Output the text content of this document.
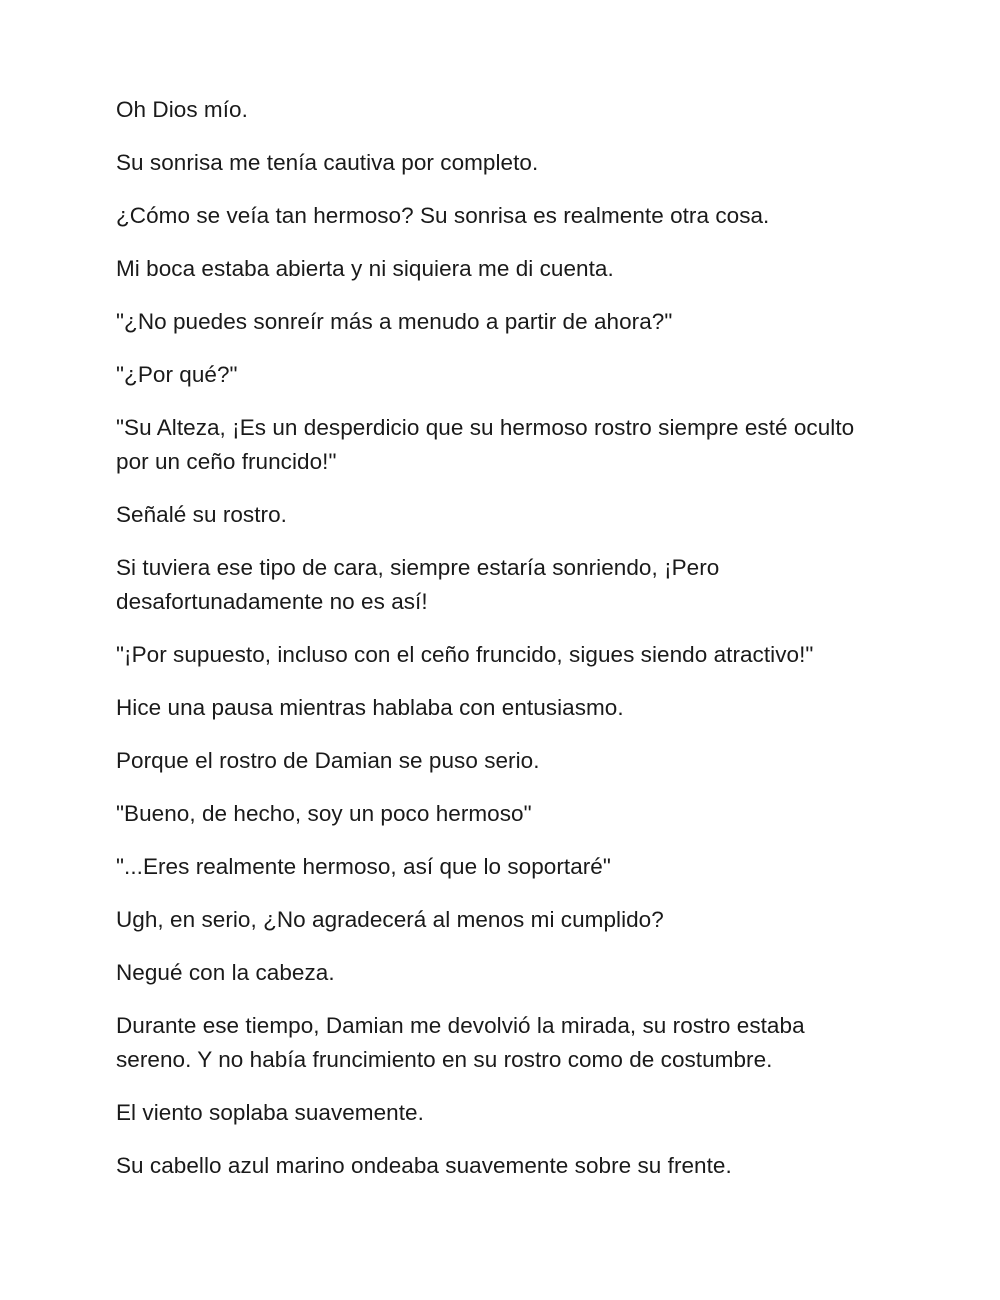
Oh Dios mío.

Su sonrisa me tenía cautiva por completo.

¿Cómo se veía tan hermoso? Su sonrisa es realmente otra cosa.

Mi boca estaba abierta y ni siquiera me di cuenta.

"¿No puedes sonreír más a menudo a partir de ahora?"

"¿Por qué?"

"Su Alteza, ¡Es un desperdicio que su hermoso rostro siempre esté oculto por un ceño fruncido!"

Señalé su rostro.

Si tuviera ese tipo de cara, siempre estaría sonriendo, ¡Pero desafortunadamente no es así!

"¡Por supuesto, incluso con el ceño fruncido, sigues siendo atractivo!"

Hice una pausa mientras hablaba con entusiasmo.

Porque el rostro de Damian se puso serio.

"Bueno, de hecho, soy un poco hermoso"

"...Eres realmente hermoso, así que lo soportaré"

Ugh, en serio, ¿No agradecerá al menos mi cumplido?

Negué con la cabeza.

Durante ese tiempo, Damian me devolvió la mirada, su rostro estaba sereno. Y no había fruncimiento en su rostro como de costumbre.

El viento soplaba suavemente.

Su cabello azul marino ondeaba suavemente sobre su frente.
